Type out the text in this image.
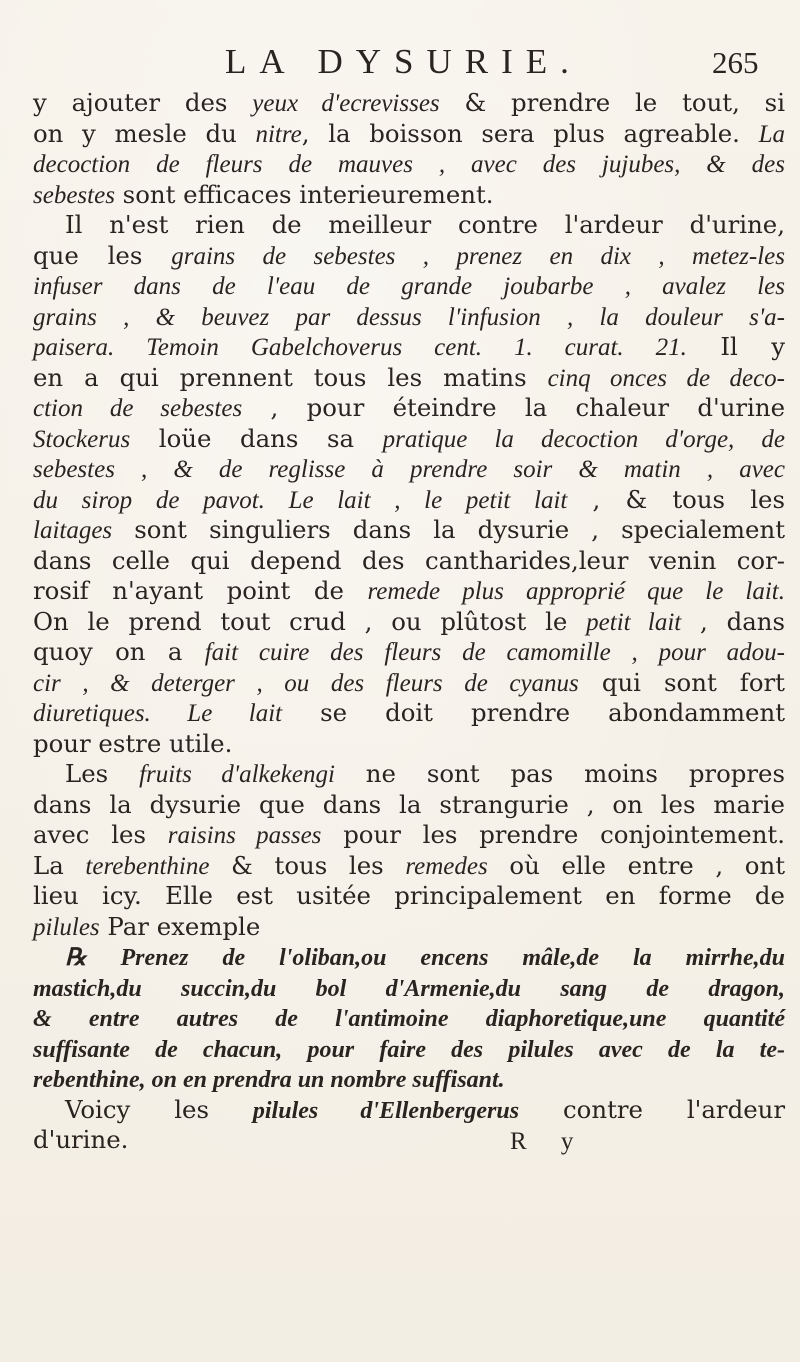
LA DYSURIE.	265
y ajouter des yeux d'ecrevisses & prendre le tout, si
on y mesle du nitre, la boisson sera plus agreable. La
decoction de fleurs de mauves , avec des jujubes, & des
sebestes sont efficaces interieurement.
Il n'est rien de meilleur contre l'ardeur d'urine,
que les grains de sebestes , prenez en dix , metez-les
infuser dans de l'eau de grande joubarbe , avalez les
grains , & beuvez par dessus l'infusion , la douleur s'a-
paisera. Temoin Gabelchoverus cent. 1. curat. 21. Il y
en a qui prennent tous les matins cinq onces de deco-
ction de sebestes , pour éteindre la chaleur d'urine
Stockerus loüe dans sa pratique la decoction d'orge, de
sebestes , & de reglisse à prendre soir & matin , avec
du sirop de pavot. Le lait , le petit lait , & tous les
laitages sont singuliers dans la dysurie , specialement
dans celle qui depend des cantharides,leur venin cor-
rosif n'ayant point de remede plus approprié que le lait.
On le prend tout crud , ou plûtost le petit lait , dans
quoy on a fait cuire des fleurs de camomille , pour adou-
cir , & deterger , ou des fleurs de cyanus qui sont fort
diuretiques. Le lait se doit prendre abondamment
pour estre utile.
Les fruits d'alkekengi ne sont pas moins propres
dans la dysurie que dans la strangurie , on les marie
avec les raisins passes pour les prendre conjointement.
La terebenthine & tous les remedes où elle entre , ont
lieu icy. Elle est usitée principalement en forme de
pilules Par exemple
℞ Prenez de l'oliban,ou encens mâle,de la mirrhe,du
mastich,du succin,du bol d'Armenie,du sang de dragon,
& entre autres de l'antimoine diaphoretique,une quantité
suffisante de chacun, pour faire des pilules avec de la te-
rebenthine, on en prendra un nombre suffisant.
Voicy les pilules d'Ellenbergerus contre l'ardeur
d'urine.	R y
